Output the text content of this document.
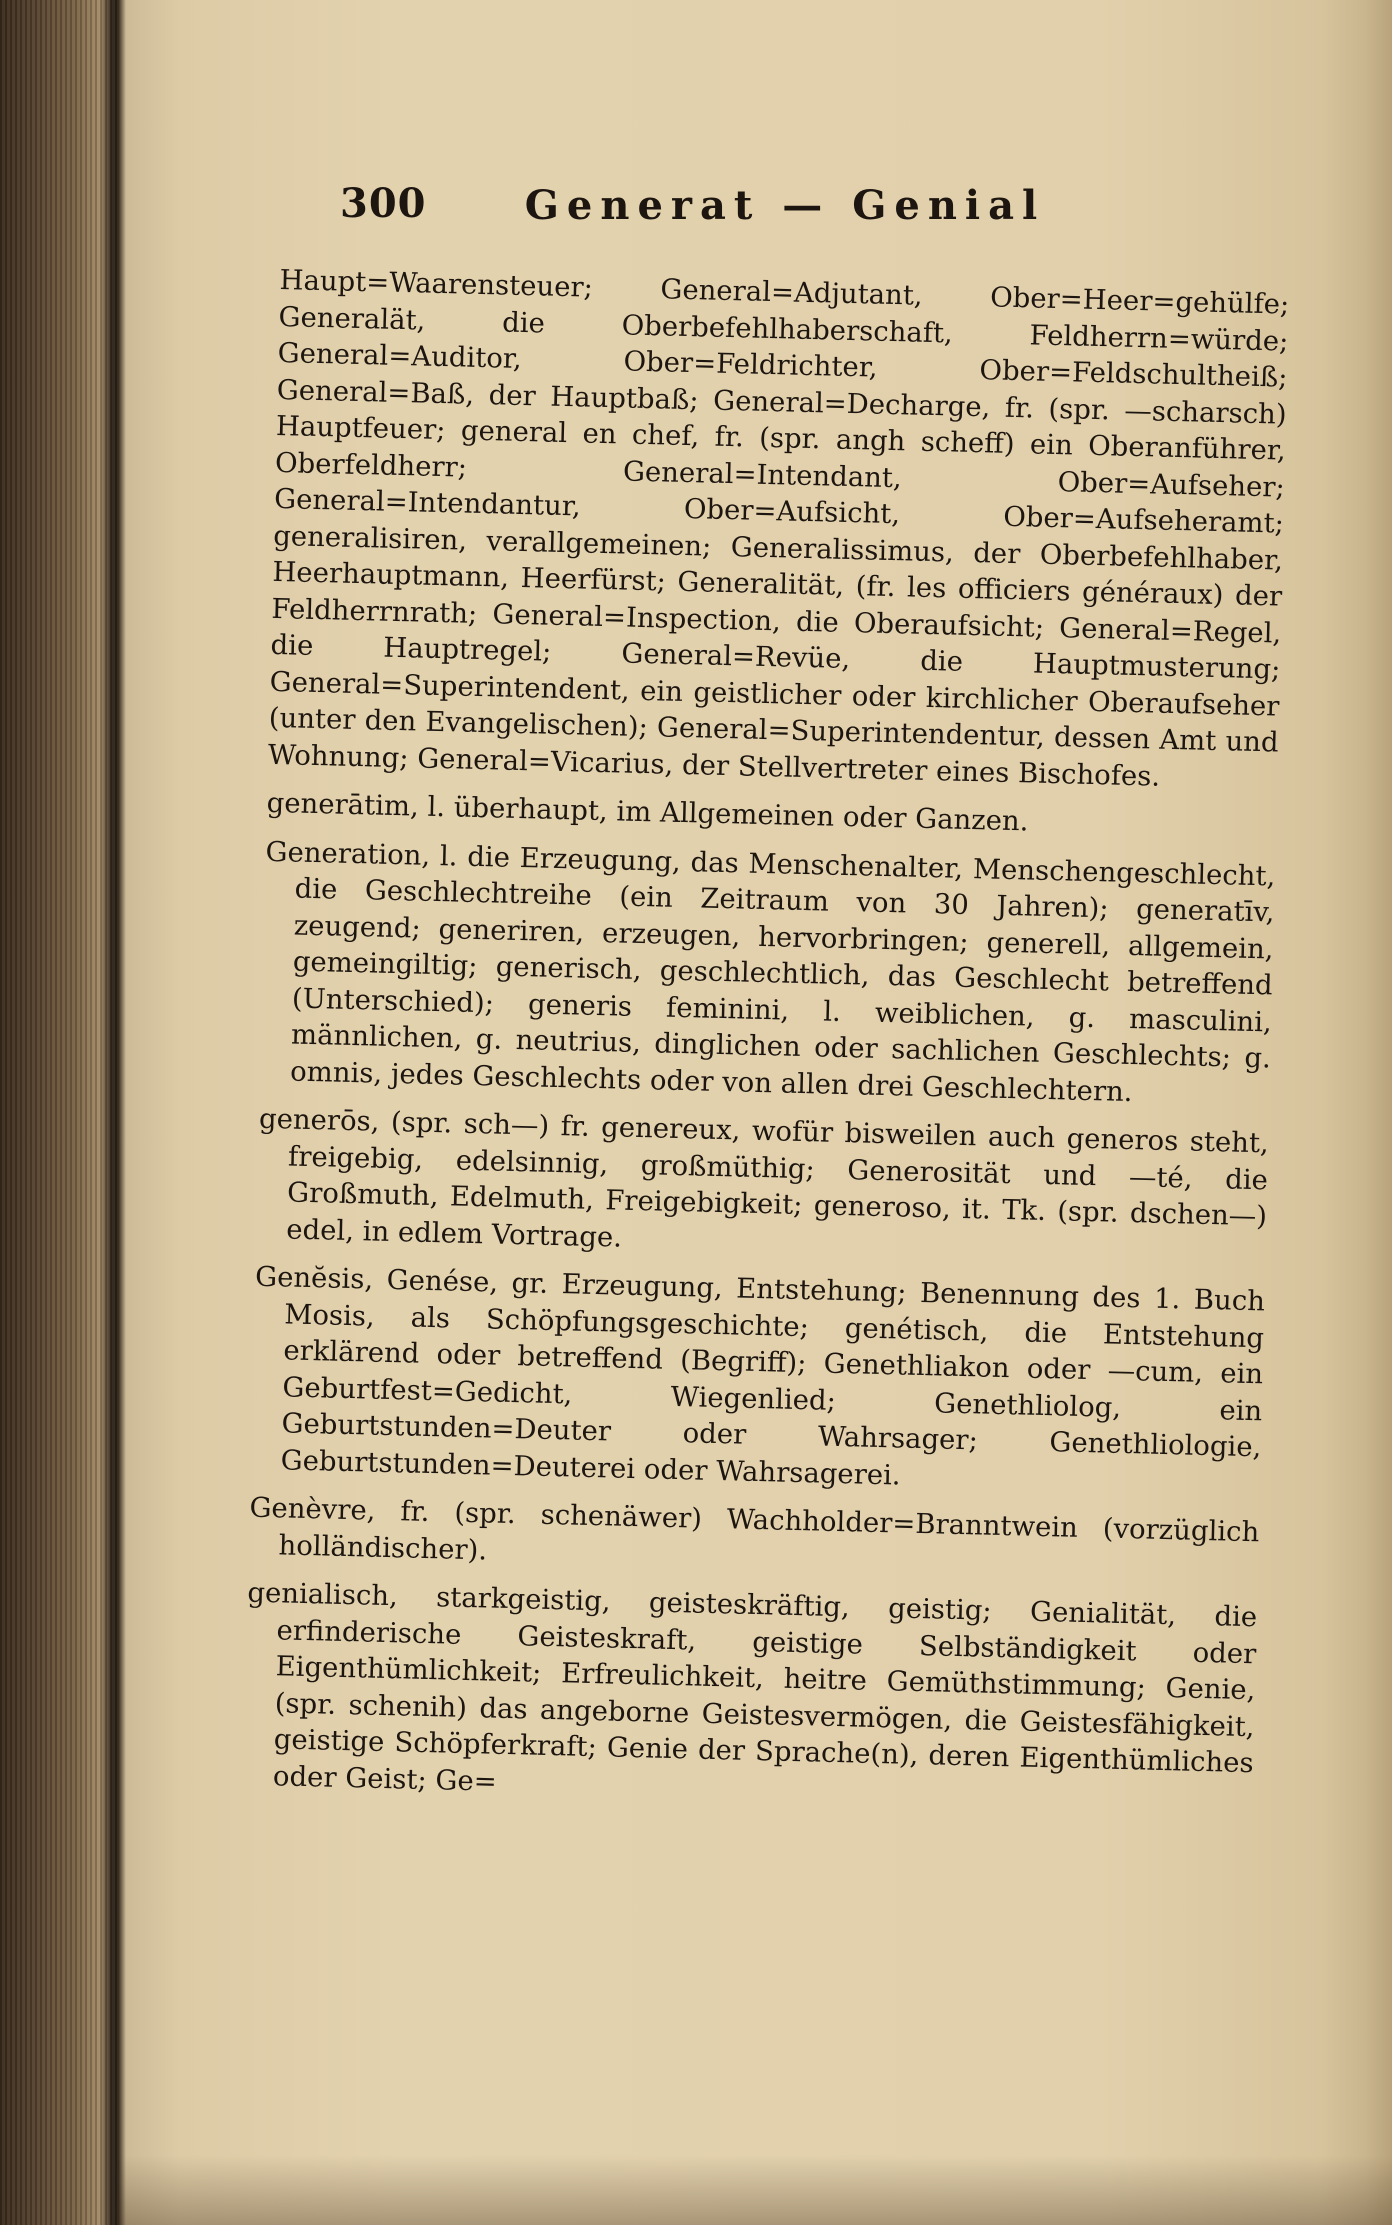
300	Generat — Genial

Haupt=Waarensteuer; General=Adjutant, Ober=Heer=gehülfe; Generalät, die Oberbefehlhaberschaft, Feldherrn=würde; General=Auditor, Ober=Feldrichter, Ober=Feldschultheiß; General=Baß, der Hauptbaß; General=Decharge, fr. (spr. —scharsch) Hauptfeuer; general en chef, fr. (spr. angh scheff) ein Oberanführer, Oberfeldherr; General=Intendant, Ober=Aufseher; General=Intendantur, Ober=Aufsicht, Ober=Aufseheramt; generalisiren, verallgemeinen; Generalissimus, der Oberbefehlhaber, Heerhauptmann, Heerfürst; Generalität, (fr. les officiers généraux) der Feldherrnrath; General=Inspection, die Oberaufsicht; General=Regel, die Hauptregel; General=Revüe, die Hauptmusterung; General=Superintendent, ein geistlicher oder kirchlicher Oberaufseher (unter den Evangelischen); General=Superintendentur, dessen Amt und Wohnung; General=Vicarius, der Stellvertreter eines Bischofes.

generātim, l. überhaupt, im Allgemeinen oder Ganzen.

Generation, l. die Erzeugung, das Menschenalter, Menschengeschlecht, die Geschlechtreihe (ein Zeitraum von 30 Jahren); generatīv, zeugend; generiren, erzeugen, hervorbringen; generell, allgemein, gemeingiltig; generisch, geschlechtlich, das Geschlecht betreffend (Unterschied); generis feminini, l. weiblichen, g. masculini, männlichen, g. neutrius, dinglichen oder sachlichen Geschlechts; g. omnis, jedes Geschlechts oder von allen drei Geschlechtern.

generōs, (spr. sch—) fr. genereux, wofür bisweilen auch generos steht, freigebig, edelsinnig, großmüthig; Generosität und —té, die Großmuth, Edelmuth, Freigebigkeit; generoso, it. Tk. (spr. dschen—) edel, in edlem Vortrage.

Genĕsis, Genése, gr. Erzeugung, Entstehung; Benennung des 1. Buch Mosis, als Schöpfungsgeschichte; genétisch, die Entstehung erklärend oder betreffend (Begriff); Genethliakon oder —cum, ein Geburtfest=Gedicht, Wiegenlied; Genethliolog, ein Geburtstunden=Deuter oder Wahrsager; Genethliologie, Geburtstunden=Deuterei oder Wahrsagerei.

Genèvre, fr. (spr. schenäwer) Wachholder=Branntwein (vorzüglich holländischer).

genialisch, starkgeistig, geisteskräftig, geistig; Genialität, die erfinderische Geisteskraft, geistige Selbständigkeit oder Eigenthümlichkeit; Erfreulichkeit, heitre Gemüthstimmung; Genie, (spr. schenih) das angeborne Geistesvermögen, die Geistesfähigkeit, geistige Schöpferkraft; Genie der Sprache(n), deren Eigenthümliches oder Geist; Ge=
